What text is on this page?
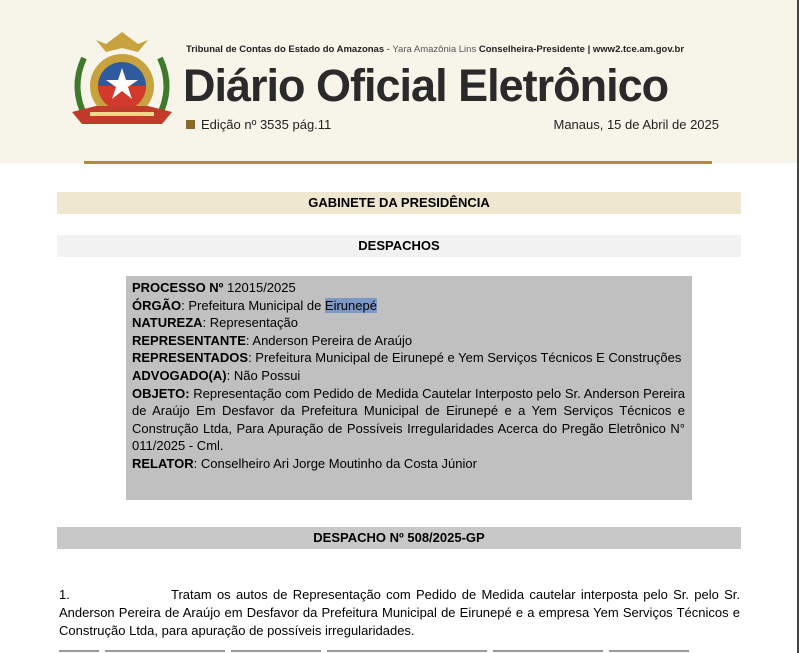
Tribunal de Contas do Estado do Amazonas - Yara Amazônia Lins Conselheira-Presidente | www2.tce.am.gov.br
Diário Oficial Eletrônico
Edição nº 3535 pág.11	Manaus, 15 de Abril de 2025
GABINETE DA PRESIDÊNCIA
DESPACHOS

PROCESSO Nº 12015/2025

ÓRGÃO: Prefeitura Municipal de Eirunepé

NATUREZA: Representação

REPRESENTANTE: Anderson Pereira de Araújo

REPRESENTADOS: Prefeitura Municipal de Eirunepé e Yem Serviços Técnicos E Construções

ADVOGADO(A): Não Possui

OBJETO: Representação com Pedido de Medida Cautelar Interposto pelo Sr. Anderson Pereira de Araújo Em Desfavor da Prefeitura Municipal de Eirunepé e a Yem Serviços Técnicos e Construção Ltda, Para Apuração de Possíveis Irregularidades Acerca do Pregão Eletrônico N° 011/2025 - Cml.

RELATOR: Conselheiro Ari Jorge Moutinho da Costa Júnior

DESPACHO Nº 508/2025-GP
1.	Tratam os autos de Representação com Pedido de Medida cautelar interposta pelo Sr. pelo Sr. Anderson Pereira de Araújo em Desfavor da Prefeitura Municipal de Eirunepé e a empresa Yem Serviços Técnicos e Construção Ltda, para apuração de possíveis irregularidades.
